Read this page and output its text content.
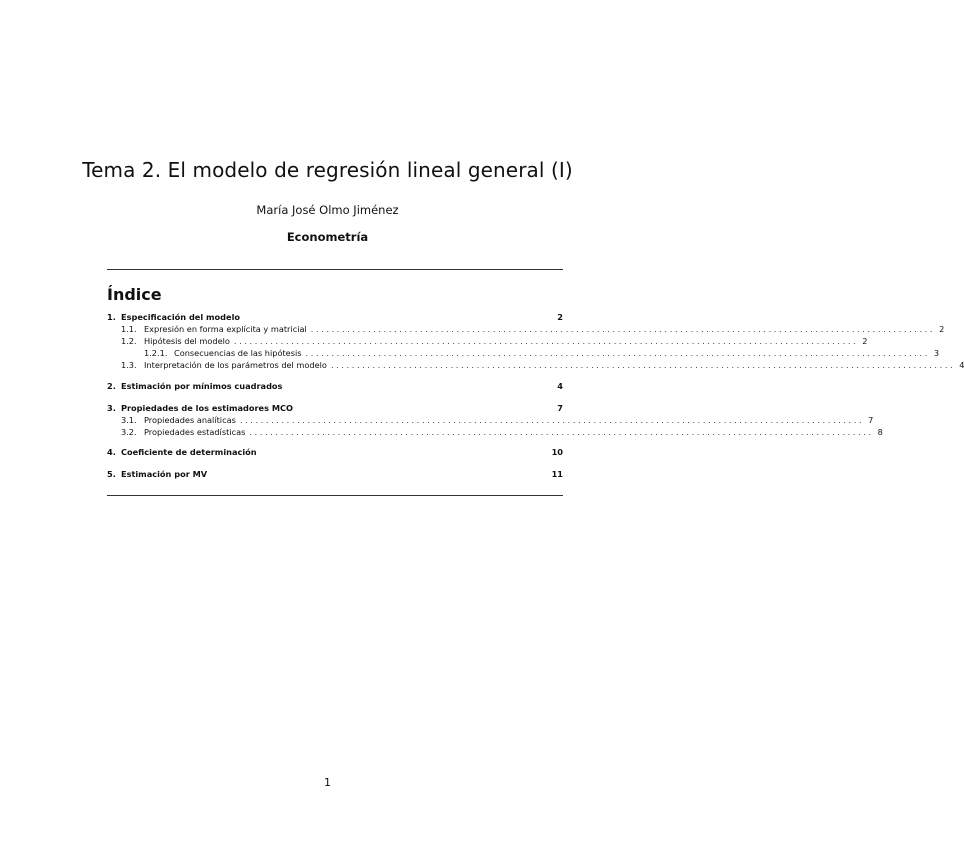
Tema 2. El modelo de regresión lineal general (I)
María José Olmo Jiménez
Econometría
Índice
1. Especificación del modelo	2
1.1. Expresión en forma explícita y matricial ........................................................................................................................ 2
1.2. Hipótesis del modelo ........................................................................................................................ 2
1.2.1. Consecuencias de las hipótesis ........................................................................................................................ 3
1.3. Interpretación de los parámetros del modelo ........................................................................................................................ 4
2. Estimación por mínimos cuadrados	4
3. Propiedades de los estimadores MCO	7
3.1. Propiedades analíticas ........................................................................................................................ 7
3.2. Propiedades estadísticas ........................................................................................................................ 8
4. Coeficiente de determinación	10
5. Estimación por MV	11
1
